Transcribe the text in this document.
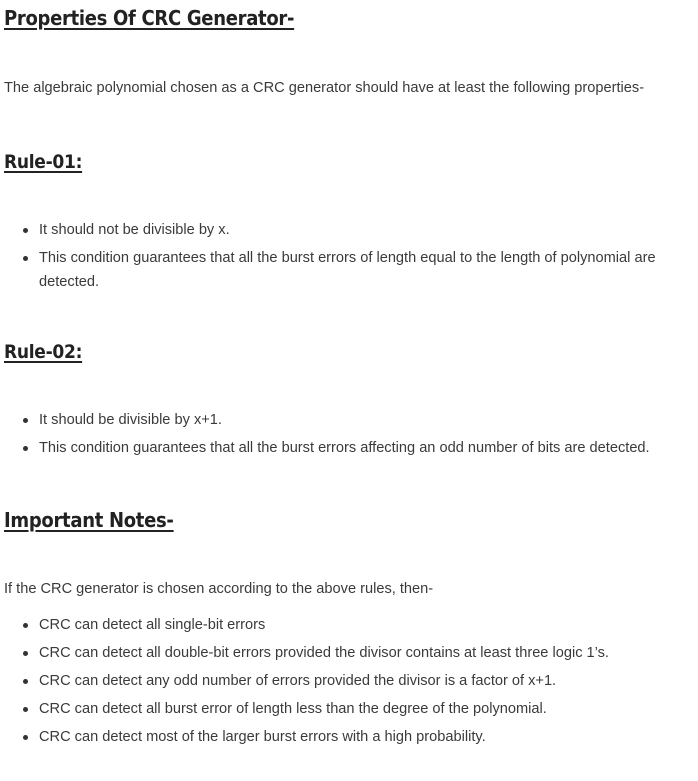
Properties Of CRC Generator-

The algebraic polynomial chosen as a CRC generator should have at least the following properties-

Rule-01:
It should not be divisible by x.
This condition guarantees that all the burst errors of length equal to the length of polynomial are detected.
Rule-02:
It should be divisible by x+1.
This condition guarantees that all the burst errors affecting an odd number of bits are detected.
Important Notes-

If the CRC generator is chosen according to the above rules, then-

CRC can detect all single-bit errors
CRC can detect all double-bit errors provided the divisor contains at least three logic 1’s.
CRC can detect any odd number of errors provided the divisor is a factor of x+1.
CRC can detect all burst error of length less than the degree of the polynomial.
CRC can detect most of the larger burst errors with a high probability.
